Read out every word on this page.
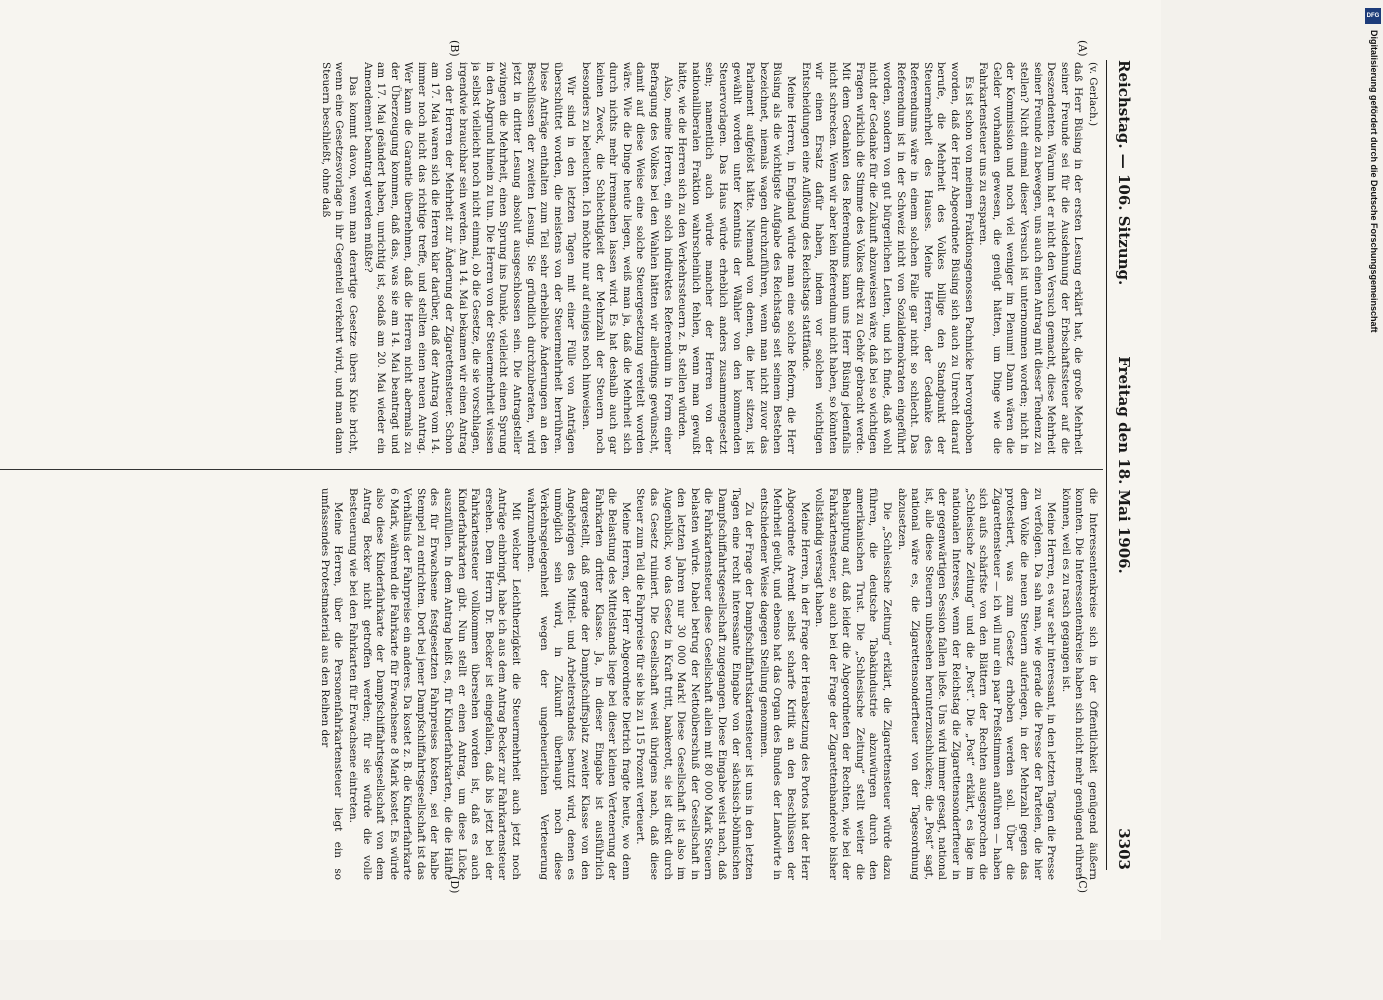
Reichstag. — 106. Sitzung.
Freitag den 18. Mai 1906.
3303
(A)
(B)
(C)
(D)

(v. Gerlach.)

daß Herr Büsing in der ersten Lesung erklärt hat, die große Mehrheit seiner Freunde sei für die Ausdehnung der Erbschaftssteuer auf die Deszendenten. Warum hat er nicht den Versuch gemacht, diese Mehrheit seiner Freunde zu bewegen, uns auch einen Antrag mit dieser Tendenz zu stellen? Nicht einmal dieser Versuch ist unternommen worden; nicht in der Kommission und noch viel weniger im Plenum! Dann wären die Gelder vorhanden gewesen, die genügt hätten, um Dinge wie die Fahrkartensteuer uns zu ersparen.

Es ist schon von meinem Fraktionsgenossen Pachnicke hervorgehoben worden, daß der Herr Abgeordnete Büsing sich auch zu Unrecht darauf berufe, die Mehrheit des Volkes billige den Standpunkt der Steuermehrheit des Hauses. Meine Herren, der Gedanke des Referendums wäre in einem solchen Falle gar nicht so schlecht. Das Referendum ist in der Schweiz nicht von Sozialdemokraten eingeführt worden, sondern von gut bürgerlichen Leuten, und ich finde, daß wohl nicht der Gedanke für die Zukunft abzuweisen wäre, daß bei so wichtigen Fragen wirklich die Stimme des Volkes direkt zu Gehör gebracht werde. Mit dem Gedanken des Referendums kann uns Herr Büsing jedenfalls nicht schrecken. Wenn wir aber kein Referendum nicht haben, so könnten wir einen Ersatz dafür haben, indem vor solchen wichtigen Entscheidungen eine Auflösung des Reichstags stattfände.

Meine Herren, in England würde man eine solche Reform, die Herr Büsing als die wichtigste Aufgabe des Reichstags seit seinem Bestehen bezeichnet, niemals wagen durchzuführen, wenn man nicht zuvor das Parlament aufgelöst hätte. Niemand von denen, die hier sitzen, ist gewählt worden unter Kenntnis der Wähler von den kommenden Steuervorlagen. Das Haus würde erheblich anders zusammengesetzt sein; namentlich auch würde mancher der Herren von der nationalliberalen Fraktion wahrscheinlich fehlen, wenn man gewußt hätte, wie die Herren sich zu den Verkehrssteuern z. B. stellen würden.

Also, meine Herren, ein solch indirektes Referendum in Form einer Befragung des Volkes bei den Wahlen hätten wir allerdings gewünscht, damit auf diese Weise eine solche Steuergesetzung vereitelt worden wäre. Wie die Dinge heute liegen, weiß man ja, daß die Mehrheit sich durch nichts mehr irremachen lassen wird. Es hat deshalb auch gar keinen Zweck, die Schlechtigkeit der Mehrzahl der Steuern noch besonders zu beleuchten. Ich möchte nur auf einiges noch hinweisen.

Wir sind in den letzten Tagen mit einer Fülle von Anträgen überschüttet worden, die meistens von der Steuermehrheit herrühren. Diese Anträge enthalten zum Teil sehr erhebliche Änderungen an den Beschlüssen der zweiten Lesung. Sie gründlich durchzuberaten, wird jetzt in dritter Lesung absolut ausgeschlossen sein. Die Antragsteller zwingen die Mehrheit, einen Sprung ins Dunkle, vielleicht einen Sprung in den Abgrund hinein zu tun. Die Herren von der Steuermehrheit wissen ja selbst vielleicht noch nicht einmal, ob die Gesetze, die sie vorschlagen, irgendwie brauchbar sein werden. Am 14. Mai bekamen wir einen Antrag von der Herren der Mehrheit zur Änderung der Zigarettensteuer. Schon am 17. Mai waren sich die Herren klar darüber, daß der Antrag vom 14. immer noch nicht das richtige treffe, und stellten einen neuen Antrag. Wer kann die Garantie übernehmen, daß die Herren nicht abermals zu der Überzeugung kommen, daß das, was sie am 14. Mai beantragt und am 17. Mai geändert haben, unrichtig ist, sodaß am 20. Mai wieder ein Amendement beantragt werden müßte?

Das kommt davon, wenn man derartige Gesetze übers Knie bricht, wenn eine Gesetzesvorlage in ihr Gegenteil verkehrt wird, und man dann Steuern beschließt, ohne daß

die Interessentenkreise sich in der Öffentlichkeit genügend äußern konnten. Die Interessentenkreise haben sich nicht mehr genügend rühren können, weil es zu rasch gegangen ist.

Meine Herren, es war sehr interessant, in den letzten Tagen die Presse zu verfolgen. Da sah man, wie gerade die Presse der Parteien, die hier dem Volke die neuen Steuern auferlegen, in der Mehrzahl gegen das protestiert, was zum Gesetz erhoben werden soll. Über die Zigarettensteuer — ich will nur ein paar Preßstimmen anführen — haben sich aufs schärfste von den Blättern der Rechten ausgesprochen die „Schlesische Zeitung“ und die „Post“. Die „Post“ erklärt, es läge im nationalen Interesse, wenn der Reichstag die Zigarettensonderfteuer in der gegenwärtigen Session fallen ließe. Uns wird immer gesagt, national ist, alle diese Steuern unbesehen herunterzuschlucken; die „Post“ sagt, national wäre es, die Zigarettensonderfteuer von der Tagesordnung abzusetzen.

Die „Schlesische Zeitung“ erklärt, die Zigarettensteuer würde dazu führen, die deutsche Tabakindustrie abzuwürgen durch den amerikanischen Trust. Die „Schlesische Zeitung“ stellt weiter die Behauptung auf, daß leider die Abgeordneten der Rechten, wie bei der Fahrkartensteuer, so auch bei der Frage der Zigarettenbanderole bisher vollständig versagt haben.

Meine Herren, in der Frage der Herabsetzung des Portos hat der Herr Abgeordnete Arendt selbst scharfe Kritik an den Beschlüssen der Mehrheit geübt, und ebenso hat das Organ des Bundes der Landwirte in entschiedener Weise dagegen Stellung genommen.

Zu der Frage der Dampfschiffahrtskartensteuer ist uns in den letzten Tagen eine recht interessante Eingabe von der sächsisch-böhmischen Dampfschiffahrtsgesellschaft zugegangen. Diese Eingabe weist nach, daß die Fahrkartensteuer diese Gesellschaft allein mit 80 000 Mark Steuern belasten würde. Dabei betrug der Nettoüberschuß der Gesellschaft in den letzten Jahren nur 30 000 Mark! Diese Gesellschaft ist also im Augenblick, wo das Gesetz in Kraft tritt, bankerott, sie ist direkt durch das Gesetz ruiniert. Die Gesellschaft weist übrigens nach, daß diese Steuer zum Teil die Fahrpreise für sie bis zu 115 Prozent verteuert.

Meine Herren, der Herr Abgeordnete Dietrich fragte heute, wo denn die Belastung des Mittelstands liege bei dieser kleinen Vertenerung der Fahrkarten dritter Klasse. Ja, in dieser Eingabe ist ausführlich dargestellt, daß gerade der Dampfschiffsplatz zweiter Klasse von den Angehörigen des Mittel- und Arbeiterstandes benutzt wird, denen es unmöglich sein wird, in Zukunft überhaupt noch diese Verkehrsgelegenheit wegen der ungeheuerlichen Verteuerung wahrzunehmen.

Mit welcher Leichtherzigkeit die Steuermehrheit auch jetzt noch Anträge einbringt, habe ich aus dem Antrag Becker zur Fahrkartensteuer ersehen. Dem Herrn Dr. Becker ist eingefallen, daß bis jetzt bei der Fahrkartensteuer vollkommen übersehen worden ist, daß es auch Kinderfahrkarten gibt. Nun stellt er einen Antrag, um diese Lücke auszufüllen. In dem Antrag heißt es, für Kinderfahrkarten, die die Hälfte des für Erwachsene festgesetzten Fahrpreises kosten, sei der halbe Stempel zu entrichten. Dort bei jener Dampfschiffahrtsgesellschaft ist das Verhältnis der Fahrpreise ein anderes. Da kostet z. B. die Kinderfahrkarte 6 Mark, während die Fahrkarte für Erwachsene 8 Mark kostet. Es würde also diese Kinderfahrkarte der Dampfschiffahrtsgesellschaft von dem Antrag Becker nicht getroffen werden; für sie würde die volle Besteuerung wie bei den Fahrkarten für Erwachsene eintreten.

Meine Herren, über die Personenfahrkartensteuer liegt ein so umfassendes Protestmaterial aus den Reihen der

DFG
Digitalisierung gefördert durch die Deutsche Forschungsgemeinschaft
